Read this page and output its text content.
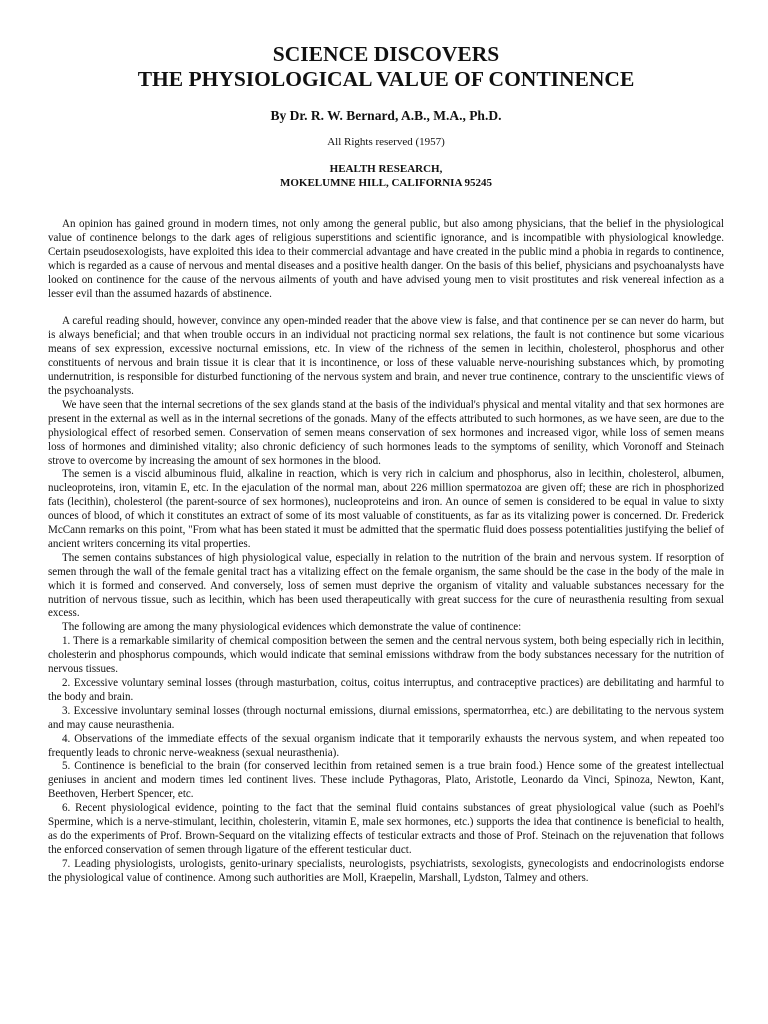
SCIENCE DISCOVERS
THE PHYSIOLOGICAL VALUE OF CONTINENCE

By Dr. R. W. Bernard, A.B., M.A., Ph.D.

All Rights reserved (1957)

HEALTH RESEARCH,
MOKELUMNE HILL, CALIFORNIA 95245

An opinion has gained ground in modern times, not only among the general public, but also among physicians, that the belief in the physiological value of continence belongs to the dark ages of religious superstitions and scientific ignorance, and is incompatible with physiological knowledge. Certain pseudosexologists, have exploited this idea to their commercial advantage and have created in the public mind a phobia in regards to continence, which is regarded as a cause of nervous and mental diseases and a positive health danger. On the basis of this belief, physicians and psychoanalysts have looked on continence for the cause of the nervous ailments of youth and have advised young men to visit prostitutes and risk venereal infection as a lesser evil than the assumed hazards of abstinence.

A careful reading should, however, convince any open-minded reader that the above view is false, and that continence per se can never do harm, but is always beneficial; and that when trouble occurs in an individual not practicing normal sex relations, the fault is not continence but some vicarious means of sex expression, excessive nocturnal emissions, etc. In view of the richness of the semen in lecithin, cholesterol, phosphorus and other constituents of nervous and brain tissue it is clear that it is incontinence, or loss of these valuable nerve-nourishing substances which, by promoting undernutrition, is responsible for disturbed functioning of the nervous system and brain, and never true continence, contrary to the unscientific views of the psychoanalysts.

We have seen that the internal secretions of the sex glands stand at the basis of the individual's physical and mental vitality and that sex hormones are present in the external as well as in the internal secretions of the gonads. Many of the effects attributed to such hormones, as we have seen, are due to the physiological effect of resorbed semen. Conservation of semen means conservation of sex hormones and increased vigor, while loss of semen means loss of hormones and diminished vitality; also chronic deficiency of such hormones leads to the symptoms of senility, which Voronoff and Steinach strove to overcome by increasing the amount of sex hormones in the blood.

The semen is a viscid albuminous fluid, alkaline in reaction, which is very rich in calcium and phosphorus, also in lecithin, cholesterol, albumen, nucleoproteins, iron, vitamin E, etc. In the ejaculation of the normal man, about 226 million spermatozoa are given off; these are rich in phosphorized fats (lecithin), cholesterol (the parent-source of sex hormones), nucleoproteins and iron. An ounce of semen is considered to be equal in value to sixty ounces of blood, of which it constitutes an extract of some of its most valuable of constituents, as far as its vitalizing power is concerned. Dr. Frederick McCann remarks on this point, "From what has been stated it must be admitted that the spermatic fluid does possess potentialities justifying the belief of ancient writers concerning its vital properties.

The semen contains substances of high physiological value, especially in relation to the nutrition of the brain and nervous system. If resorption of semen through the wall of the female genital tract has a vitalizing effect on the female organism, the same should be the case in the body of the male in which it is formed and conserved. And conversely, loss of semen must deprive the organism of vitality and valuable substances necessary for the nutrition of nervous tissue, such as lecithin, which has been used therapeutically with great success for the cure of neurasthenia resulting from sexual excess.

The following are among the many physiological evidences which demonstrate the value of continence:

1. There is a remarkable similarity of chemical composition between the semen and the central nervous system, both being especially rich in lecithin, cholesterin and phosphorus compounds, which would indicate that seminal emissions withdraw from the body substances necessary for the nutrition of nervous tissues.

2. Excessive voluntary seminal losses (through masturbation, coitus, coitus interruptus, and contraceptive practices) are debilitating and harmful to the body and brain.

3. Excessive involuntary seminal losses (through nocturnal emissions, diurnal emissions, spermatorrhea, etc.) are debilitating to the nervous system and may cause neurasthenia.

4. Observations of the immediate effects of the sexual organism indicate that it temporarily exhausts the nervous system, and when repeated too frequently leads to chronic nerve-weakness (sexual neurasthenia).

5. Continence is beneficial to the brain (for conserved lecithin from retained semen is a true brain food.) Hence some of the greatest intellectual geniuses in ancient and modern times led continent lives. These include Pythagoras, Plato, Aristotle, Leonardo da Vinci, Spinoza, Newton, Kant, Beethoven, Herbert Spencer, etc.

6. Recent physiological evidence, pointing to the fact that the seminal fluid contains substances of great physiological value (such as Poehl's Spermine, which is a nerve-stimulant, lecithin, cholesterin, vitamin E, male sex hormones, etc.) supports the idea that continence is beneficial to health, as do the experiments of Prof. Brown-Sequard on the vitalizing effects of testicular extracts and those of Prof. Steinach on the rejuvenation that follows the enforced conservation of semen through ligature of the efferent testicular duct.

7. Leading physiologists, urologists, genito-urinary specialists, neurologists, psychiatrists, sexologists, gynecologists and endocrinologists endorse the physiological value of continence. Among such authorities are Moll, Kraepelin, Marshall, Lydston, Talmey and others.
